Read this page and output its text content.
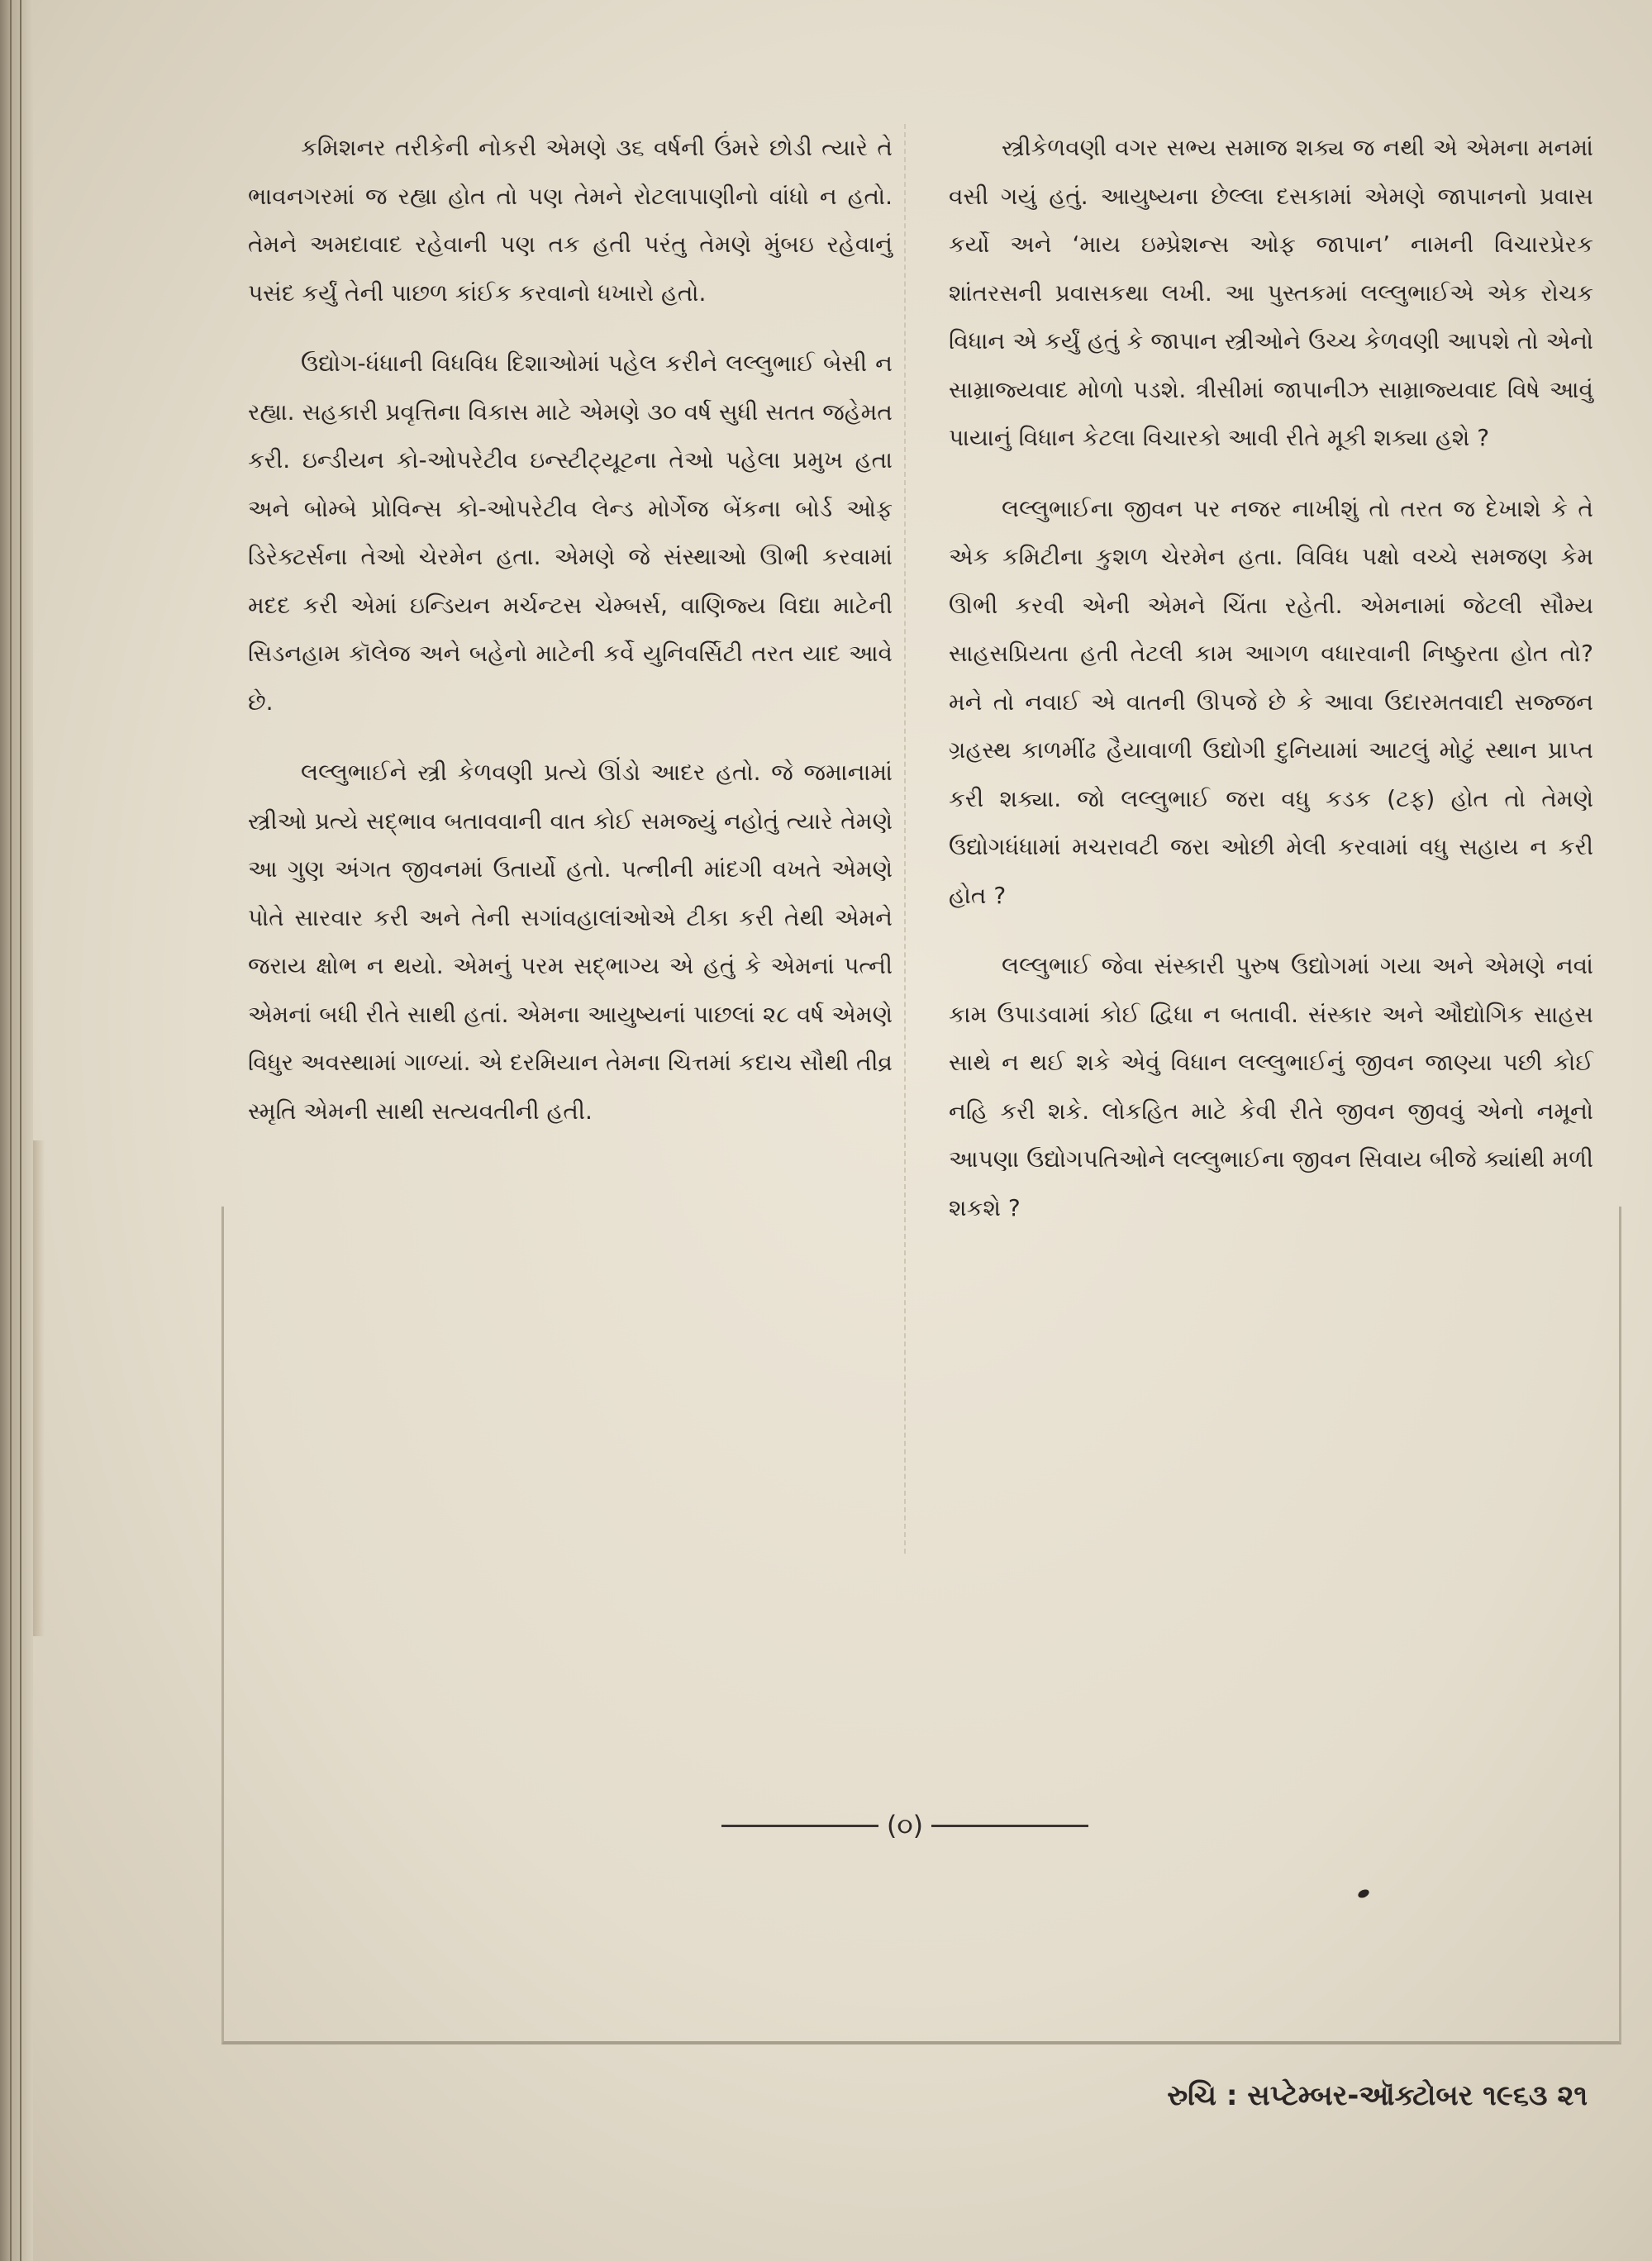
કમિશનર તરીકેની નોકરી એમણે ૩૬ વર્ષની ઉંમરે છોડી ત્યારે તે ભાવનગરમાં જ રહ્યા હોત તો પણ તેમને રોટલાપાણીનો વાંધો ન હતો. તેમને અમદાવાદ રહેવાની પણ તક હતી પરંતુ તેમણે મુંબઇ રહેવાનું પસંદ કર્યું તેની પાછળ કાંઈક કરવાનો ધખારો હતો.

ઉદ્યોગ-ધંધાની વિધવિધ દિશાઓમાં પહેલ કરીને લલ્લુભાઈ બેસી ન રહ્યા. સહકારી પ્રવૃત્તિના વિકાસ માટે એમણે ૩૦ વર્ષ સુધી સતત જહેમત કરી. ઇન્ડીયન કો-ઓપરેટીવ ઇન્સ્ટીટ્યૂટના તેઓ પહેલા પ્રમુખ હતા અને બોમ્બે પ્રોવિન્સ કો-ઓપરેટીવ લેન્ડ મોર્ગેજ બેંકના બોર્ડ ઓફ ડિરેક્ટર્સના તેઓ ચેરમેન હતા. એમણે જે સંસ્થાઓ ઊભી કરવામાં મદદ કરી એમાં ઇન્ડિયન મર્ચન્ટસ ચેમ્બર્સ, વાણિજ્ય વિદ્યા માટેની સિડનહામ કૉલેજ અને બહેનો માટેની કર્વે યુનિવર્સિટી તરત યાદ આવે છે.

લલ્લુભાઈને સ્ત્રી કેળવણી પ્રત્યે ઊંડો આદર હતો. જે જમાનામાં સ્ત્રીઓ પ્રત્યે સદ્‌ભાવ બતાવવાની વાત કોઈ સમજ્યું નહોતું ત્યારે તેમણે આ ગુણ અંગત જીવનમાં ઉતાર્યો હતો. પત્નીની માંદગી વખતે એમણે પોતે સારવાર કરી અને તેની સગાંવહાલાંઓએ ટીકા કરી તેથી એમને જરાય ક્ષોભ ન થયો. એમનું પરમ સદ્‌ભાગ્ય એ હતું કે એમનાં પત્ની એમનાં બધી રીતે સાથી હતાં. એમના આયુષ્યનાં પાછલાં ૨૮ વર્ષ એમણે વિધુર અવસ્થામાં ગાળ્યાં. એ દરમિયાન તેમના ચિત્તમાં કદાચ સૌથી તીવ્ર સ્મૃતિ એમની સાથી સત્યવતીની હતી.

સ્ત્રીકેળવણી વગર સભ્ય સમાજ શક્ય જ નથી એ એમના મનમાં વસી ગયું હતું. આયુષ્યના છેલ્લા દસકામાં એમણે જાપાનનો પ્રવાસ કર્યો અને ‘માય ઇમ્પ્રેશન્સ ઓફ જાપાન’ નામની વિચારપ્રેરક શાંતરસની પ્રવાસકથા લખી. આ પુસ્તકમાં લલ્લુભાઈએ એક રોચક વિધાન એ કર્યું હતું કે જાપાન સ્ત્રીઓને ઉચ્ચ કેળવણી આપશે તો એનો સામ્રાજ્યવાદ મોળો પડશે. ત્રીસીમાં જાપાનીઝ સામ્રાજ્યવાદ વિષે આવું પાયાનું વિધાન કેટલા વિચારકો આવી રીતે મૂકી શક્યા હશે ?

લલ્લુભાઈના જીવન પર નજર નાખીશું તો તરત જ દેખાશે કે તે એક કમિટીના કુશળ ચેરમેન હતા. વિવિધ પક્ષો વચ્ચે સમજણ કેમ ઊભી કરવી એની એમને ચિંતા રહેતી. એમનામાં જેટલી સૌમ્ય સાહસપ્રિયતા હતી તેટલી કામ આગળ વધારવાની નિષ્ઠુરતા હોત તો? મને તો નવાઈ એ વાતની ઊપજે છે કે આવા ઉદારમતવાદી સજ્જન ગ્રહસ્થ કાળમીંઢ હૈયાવાળી ઉદ્યોગી દુનિયામાં આટલું મોટું સ્થાન પ્રાપ્ત કરી શક્યા. જો લલ્લુભાઈ જરા વધુ કડક (ટફ) હોત તો તેમણે ઉદ્યોગધંધામાં મચરાવટી જરા ઓછી મેલી કરવામાં વધુ સહાય ન કરી હોત ?

લલ્લુભાઈ જેવા સંસ્કારી પુરુષ ઉદ્યોગમાં ગયા અને એમણે નવાં કામ ઉપાડવામાં કોઈ દ્વિધા ન બતાવી. સંસ્કાર અને ઔદ્યોગિક સાહસ સાથે ન થઈ શકે એવું વિધાન લલ્લુભાઈનું જીવન જાણ્યા પછી કોઈ નહિ કરી શકે. લોકહિત માટે કેવી રીતે જીવન જીવવું એનો નમૂનો આપણા ઉદ્યોગપતિઓને લલ્લુભાઈના જીવન સિવાય બીજે ક્યાંથી મળી શકશે ?

(૦)
રુચિ : સપ્ટેમ્બર-ઑક્ટોબર ૧૯૬૩ ૨૧
